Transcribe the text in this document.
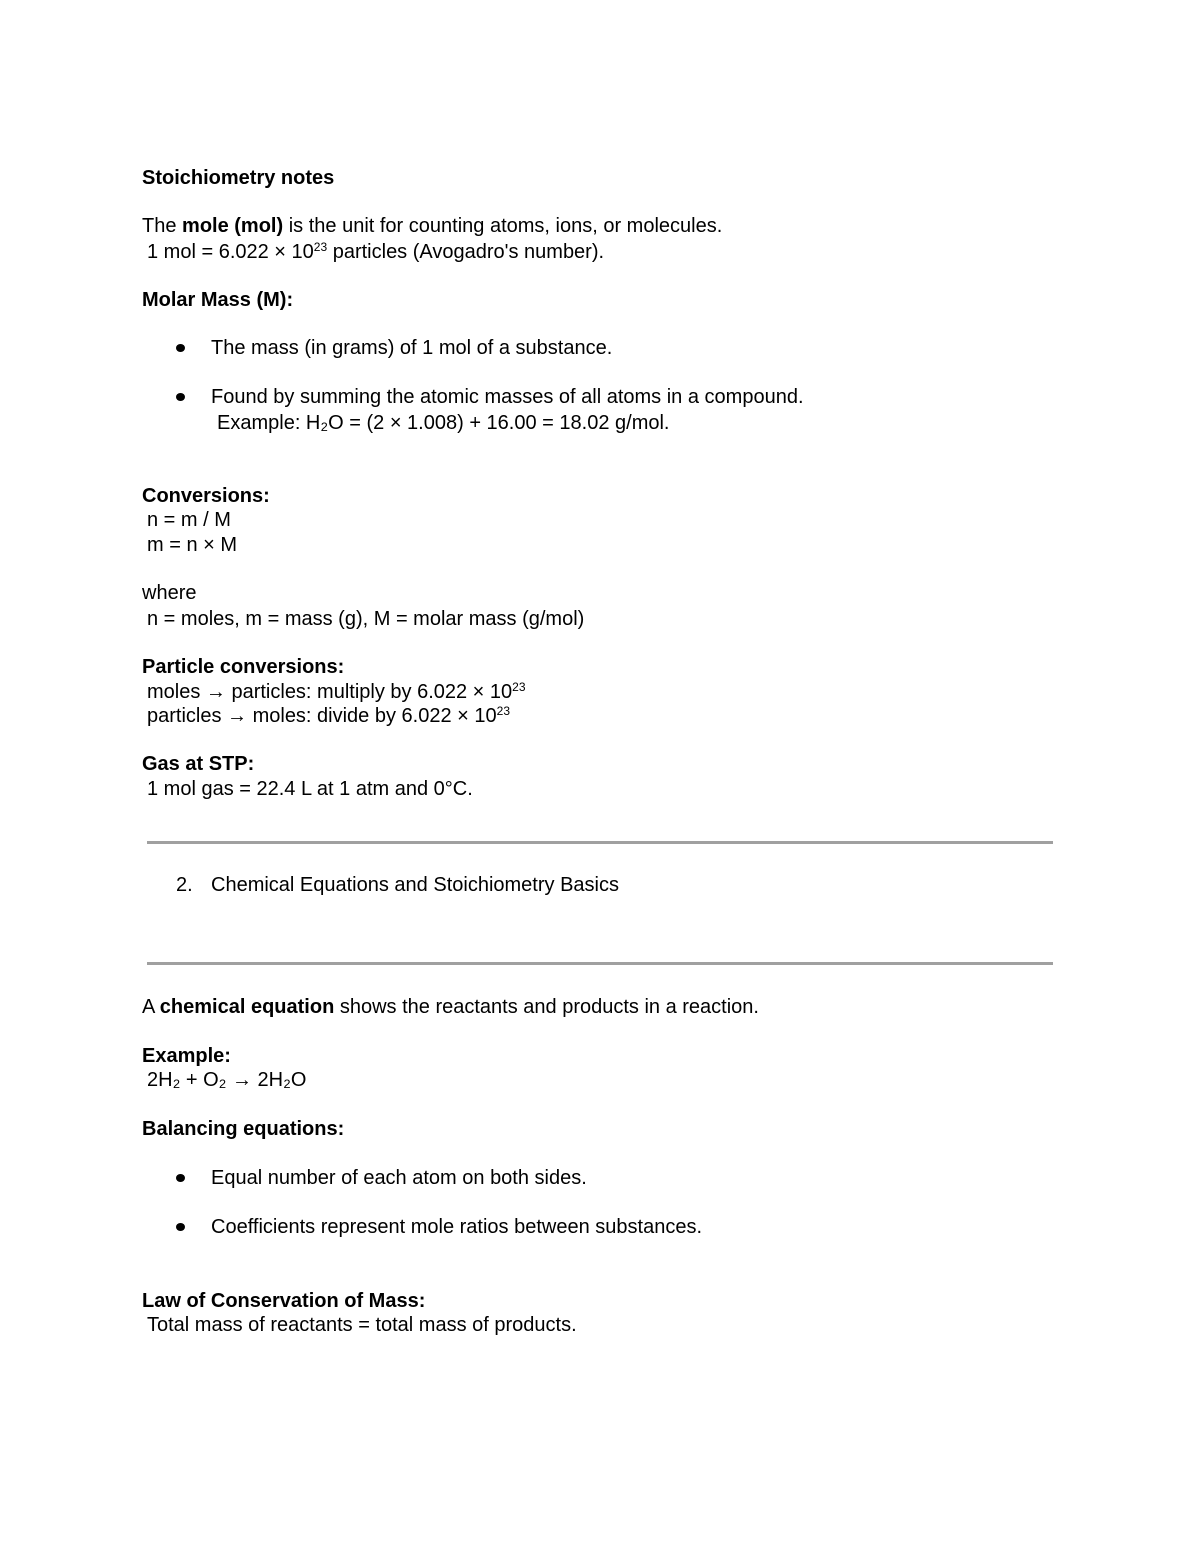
Stoichiometry notes
The mole (mol) is the unit for counting atoms, ions, or molecules.
1 mol = $6.022 \times 10^{23}$ particles (Avogadro's number).
Molar Mass (M):
The mass (in grams) of 1 mol of a substance.
Found by summing the atomic masses of all atoms in a compound.
Example: H₂O = (2 × 1.008) + 16.00 = 18.02 g/mol.
Conversions:
n = m / M
m = n × M
where
n = moles, m = mass (g), M = molar mass (g/mol)
Particle conversions:
moles → particles: multiply by $6.022 \times 10^{23}$
particles → moles: divide by $6.022 \times 10^{23}$
Gas at STP:
1 mol gas = 22.4 L at 1 atm and 0°C.
2. Chemical Equations and Stoichiometry Basics
A chemical equation shows the reactants and products in a reaction.
Example:
2H₂ + O₂ → 2H₂O
Balancing equations:
Equal number of each atom on both sides.
Coefficients represent mole ratios between substances.
Law of Conservation of Mass:
Total mass of reactants = total mass of products.
